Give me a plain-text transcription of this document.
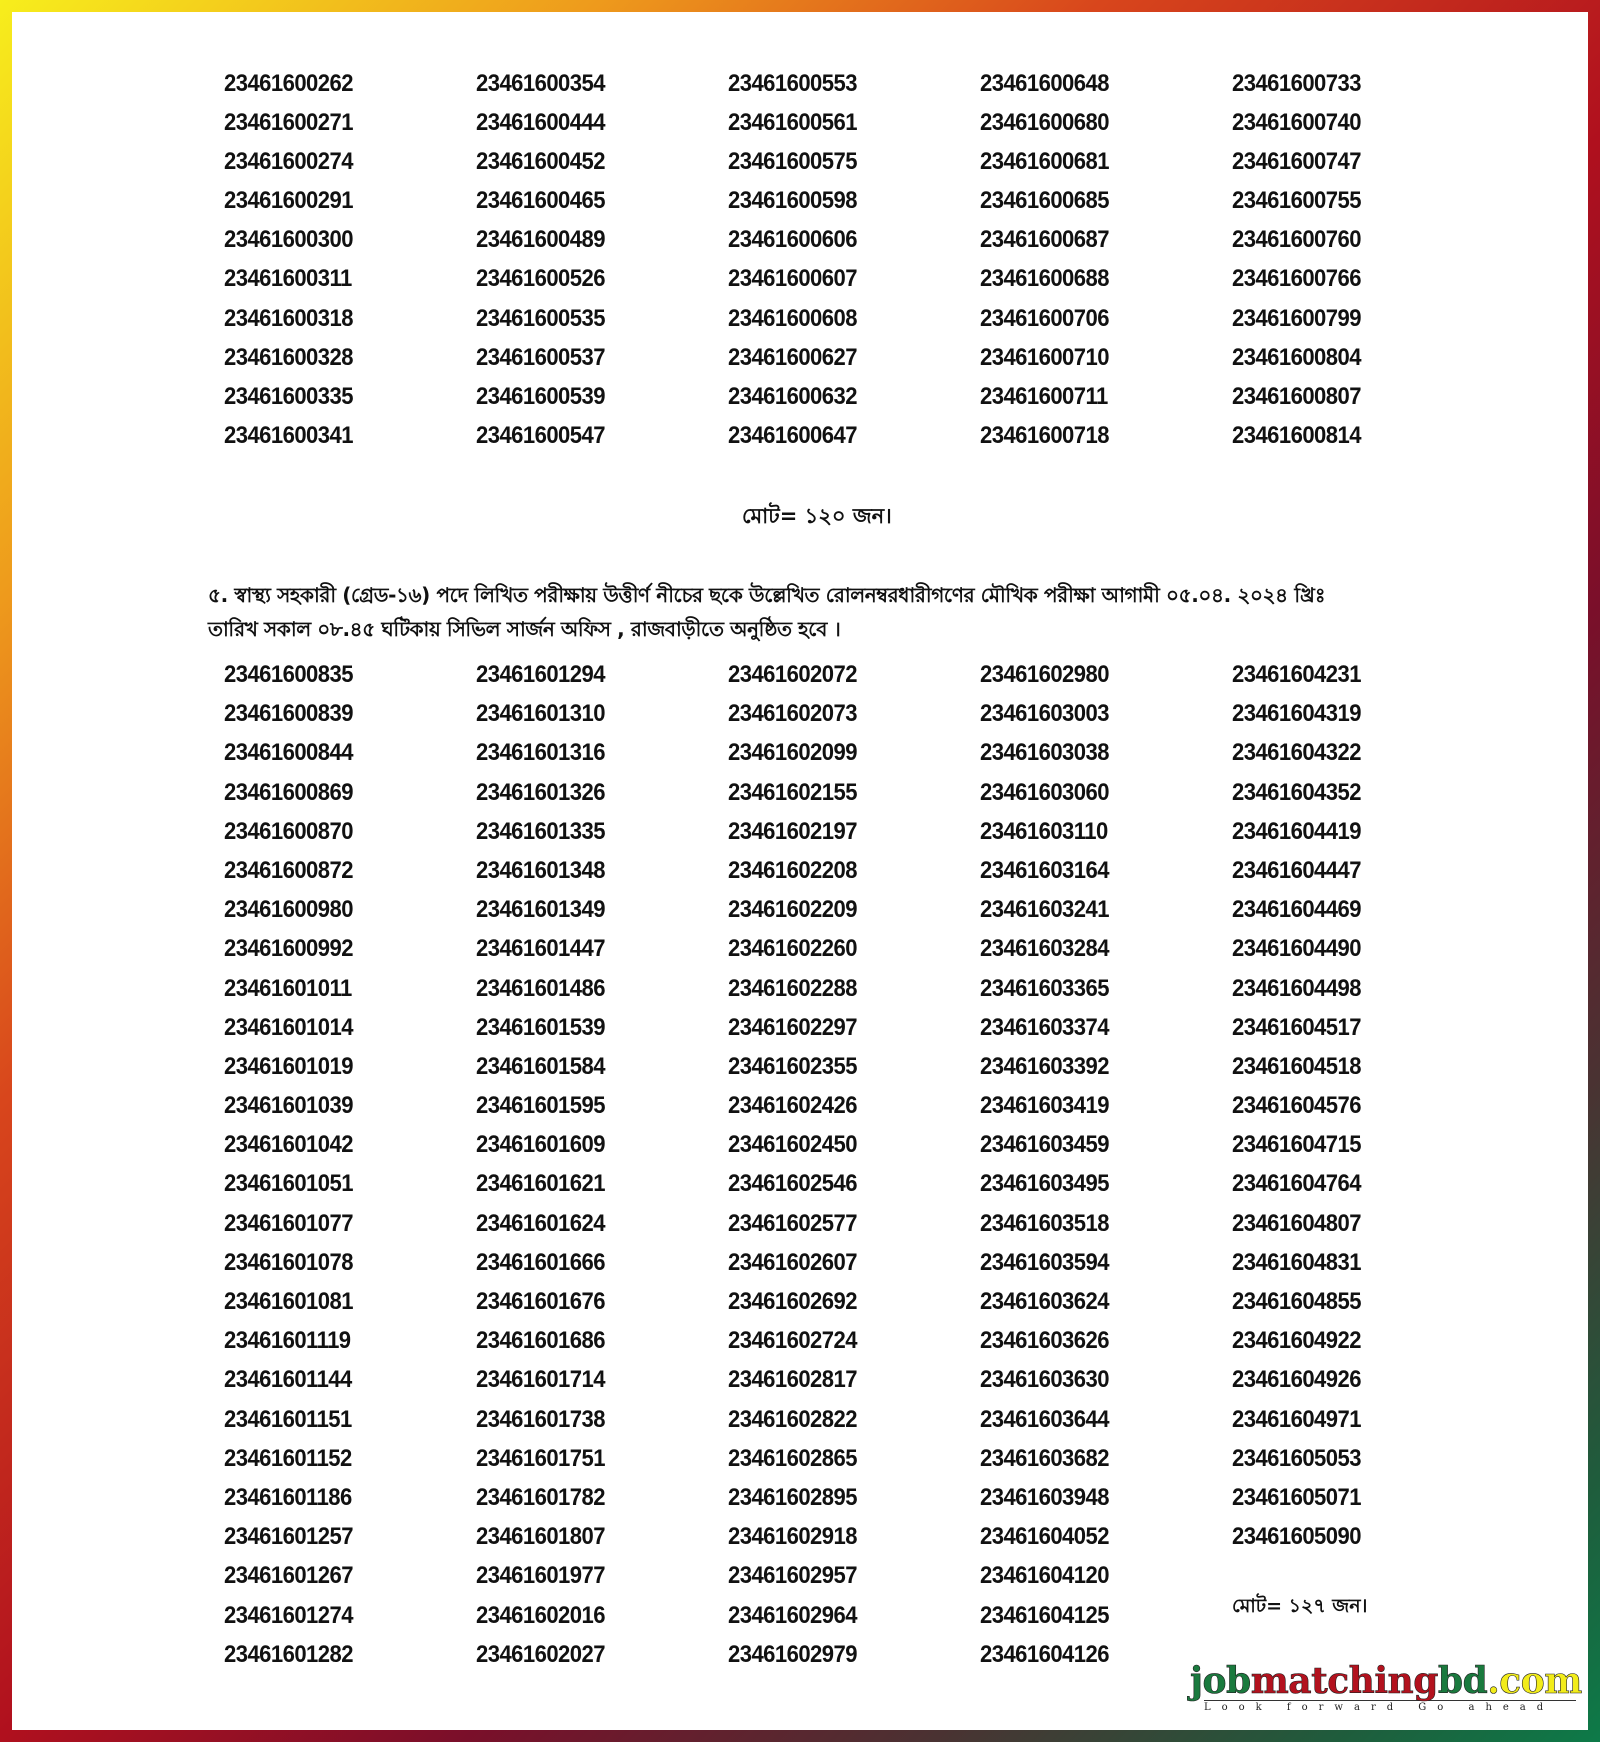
23461600262	23461600354	23461600553	23461600648	23461600733
23461600271	23461600444	23461600561	23461600680	23461600740
23461600274	23461600452	23461600575	23461600681	23461600747
23461600291	23461600465	23461600598	23461600685	23461600755
23461600300	23461600489	23461600606	23461600687	23461600760
23461600311	23461600526	23461600607	23461600688	23461600766
23461600318	23461600535	23461600608	23461600706	23461600799
23461600328	23461600537	23461600627	23461600710	23461600804
23461600335	23461600539	23461600632	23461600711	23461600807
23461600341	23461600547	23461600647	23461600718	23461600814
মোট= ১২০ জন।
৫. স্বাস্থ্য সহকারী (গ্রেড-১৬) পদে লিখিত পরীক্ষায় উত্তীর্ণ নীচের ছকে উল্লেখিত রোলনম্বরধারীগণের মৌখিক পরীক্ষা আগামী ০৫.০৪. ২০২৪ খ্রিঃ
তারিখ সকাল ০৮.৪৫ ঘটিকায় সিভিল সার্জন অফিস , রাজবাড়ীতে অনুষ্ঠিত হবে ।
23461600835	23461601294	23461602072	23461602980	23461604231
23461600839	23461601310	23461602073	23461603003	23461604319
23461600844	23461601316	23461602099	23461603038	23461604322
23461600869	23461601326	23461602155	23461603060	23461604352
23461600870	23461601335	23461602197	23461603110	23461604419
23461600872	23461601348	23461602208	23461603164	23461604447
23461600980	23461601349	23461602209	23461603241	23461604469
23461600992	23461601447	23461602260	23461603284	23461604490
23461601011	23461601486	23461602288	23461603365	23461604498
23461601014	23461601539	23461602297	23461603374	23461604517
23461601019	23461601584	23461602355	23461603392	23461604518
23461601039	23461601595	23461602426	23461603419	23461604576
23461601042	23461601609	23461602450	23461603459	23461604715
23461601051	23461601621	23461602546	23461603495	23461604764
23461601077	23461601624	23461602577	23461603518	23461604807
23461601078	23461601666	23461602607	23461603594	23461604831
23461601081	23461601676	23461602692	23461603624	23461604855
23461601119	23461601686	23461602724	23461603626	23461604922
23461601144	23461601714	23461602817	23461603630	23461604926
23461601151	23461601738	23461602822	23461603644	23461604971
23461601152	23461601751	23461602865	23461603682	23461605053
23461601186	23461601782	23461602895	23461603948	23461605071
23461601257	23461601807	23461602918	23461604052	23461605090
23461601267	23461601977	23461602957	23461604120
23461601274	23461602016	23461602964	23461604125
23461601282	23461602027	23461602979	23461604126
মোট= ১২৭ জন।
jobmatchingbd.com
Look forward Go ahead
